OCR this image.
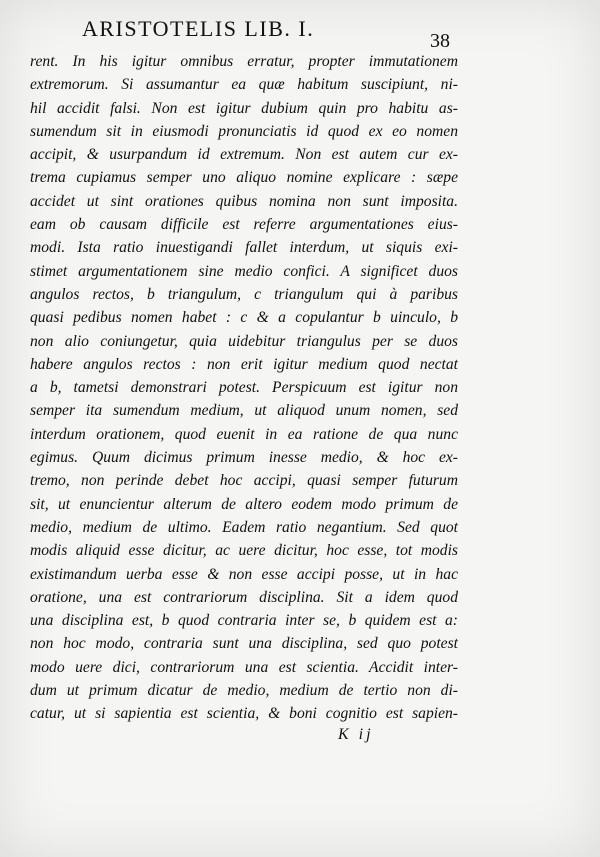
ARISTOTELIS LIB. I.	38
rent. In his igitur omnibus erratur, propter immutationem
extremorum. Si assumantur ea quæ habitum suscipiunt, ni-
hil accidit falsi. Non est igitur dubium quin pro habitu as-
sumendum sit in eiusmodi pronunciatis id quod ex eo nomen
accipit, & usurpandum id extremum. Non est autem cur ex-
trema cupiamus semper uno aliquo nomine explicare : sæpe
accidet ut sint orationes quibus nomina non sunt imposita.
eam ob causam difficile est referre argumentationes eius-
modi. Ista ratio inuestigandi fallet interdum, ut siquis exi-
stimet argumentationem sine medio confici. A significet duos
angulos rectos, b triangulum, c triangulum qui à paribus
quasi pedibus nomen habet : c & a copulantur b uinculo, b
non alio coniungetur, quia uidebitur triangulus per se duos
habere angulos rectos : non erit igitur medium quod nectat
a b, tametsi demonstrari potest. Perspicuum est igitur non
semper ita sumendum medium, ut aliquod unum nomen, sed
interdum orationem, quod euenit in ea ratione de qua nunc
egimus. Quum dicimus primum inesse medio, & hoc ex-
tremo, non perinde debet hoc accipi, quasi semper futurum
sit, ut enuncientur alterum de altero eodem modo primum de
medio, medium de ultimo. Eadem ratio negantium. Sed quot
modis aliquid esse dicitur, ac uere dicitur, hoc esse, tot modis
existimandum uerba esse & non esse accipi posse, ut in hac
oratione, una est contrariorum disciplina. Sit a idem quod
una disciplina est, b quod contraria inter se, b quidem est a:
non hoc modo, contraria sunt una disciplina, sed quo potest
modo uere dici, contrariorum una est scientia. Accidit inter-
dum ut primum dicatur de medio, medium de tertio non di-
catur, ut si sapientia est scientia, & boni cognitio est sapien-
K ij
